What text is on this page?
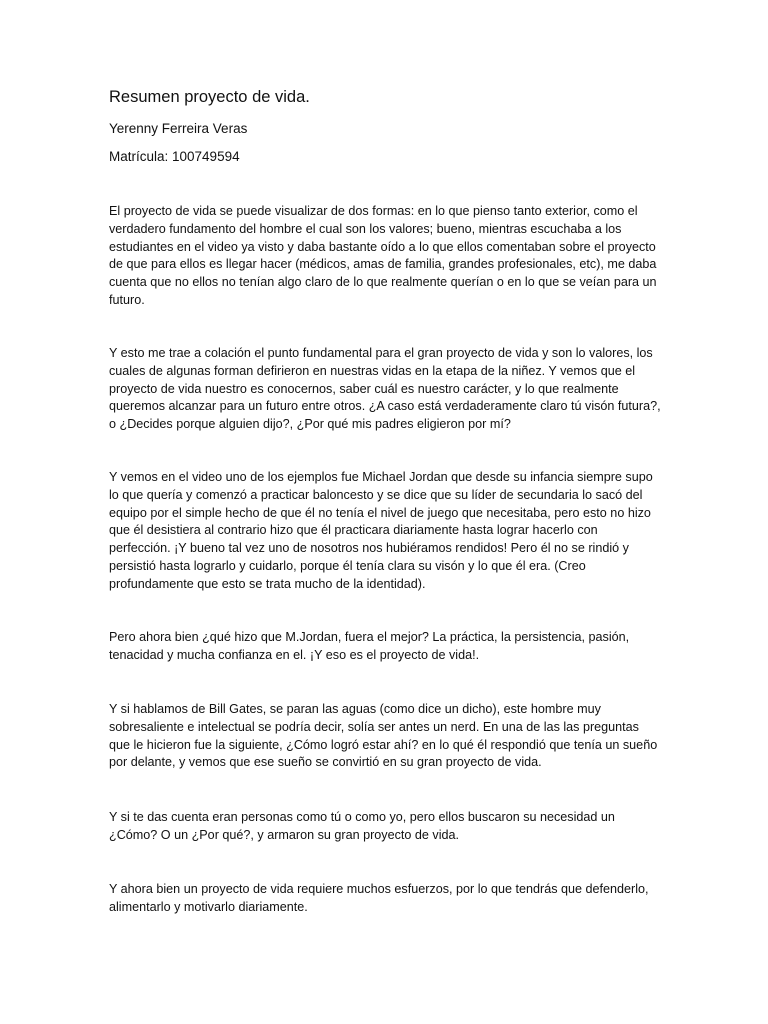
Resumen proyecto de vida.

Yerenny Ferreira Veras

Matrícula: 100749594

El proyecto de vida se puede visualizar de dos formas: en lo que pienso tanto exterior, como el verdadero fundamento del hombre el cual son los valores; bueno, mientras escuchaba a los estudiantes en el video ya visto y daba bastante oído a lo que ellos comentaban sobre el proyecto de que para ellos es llegar hacer (médicos, amas de familia, grandes profesionales, etc), me daba cuenta que no ellos no tenían algo claro de lo que realmente querían o en lo que se veían para un futuro.

Y esto me trae a colación el punto fundamental para el gran proyecto de vida y son lo valores, los cuales de algunas forman defirieron en nuestras vidas en la etapa de la niñez. Y vemos que el proyecto de vida nuestro es conocernos, saber cuál es nuestro carácter, y lo que realmente queremos alcanzar para un futuro entre otros. ¿A caso está verdaderamente claro tú visón futura?, o ¿Decides porque alguien dijo?, ¿Por qué mis padres eligieron por mí?

Y vemos en el video uno de los ejemplos fue Michael Jordan que desde su infancia siempre supo lo que quería y comenzó a practicar baloncesto y se dice que su líder de secundaria lo sacó del equipo por el simple hecho de que él no tenía el nivel de juego que necesitaba, pero esto no hizo que él desistiera al contrario hizo que él practicara diariamente hasta lograr hacerlo con perfección. ¡Y bueno tal vez uno de nosotros nos hubiéramos rendidos! Pero él no se rindió y persistió hasta lograrlo y cuidarlo, porque él tenía clara su visón y lo que él era. (Creo profundamente que esto se trata mucho de la identidad).

Pero ahora bien ¿qué hizo que M.Jordan, fuera el mejor? La práctica, la persistencia, pasión, tenacidad y mucha confianza en el. ¡Y eso es el proyecto de vida!.

Y si hablamos de Bill Gates, se paran las aguas (como dice un dicho), este hombre muy sobresaliente e intelectual se podría decir, solía ser antes un nerd. En una de las las preguntas que le hicieron fue la siguiente, ¿Cómo logró estar ahí? en lo qué él respondió que tenía un sueño por delante, y vemos que ese sueño se convirtió en su gran proyecto de vida.

Y si te das cuenta eran personas como tú o como yo, pero ellos buscaron su necesidad un ¿Cómo? O un ¿Por qué?, y armaron su gran proyecto de vida.

Y ahora bien un proyecto de vida requiere muchos esfuerzos, por lo que tendrás que defenderlo, alimentarlo y motivarlo diariamente.
